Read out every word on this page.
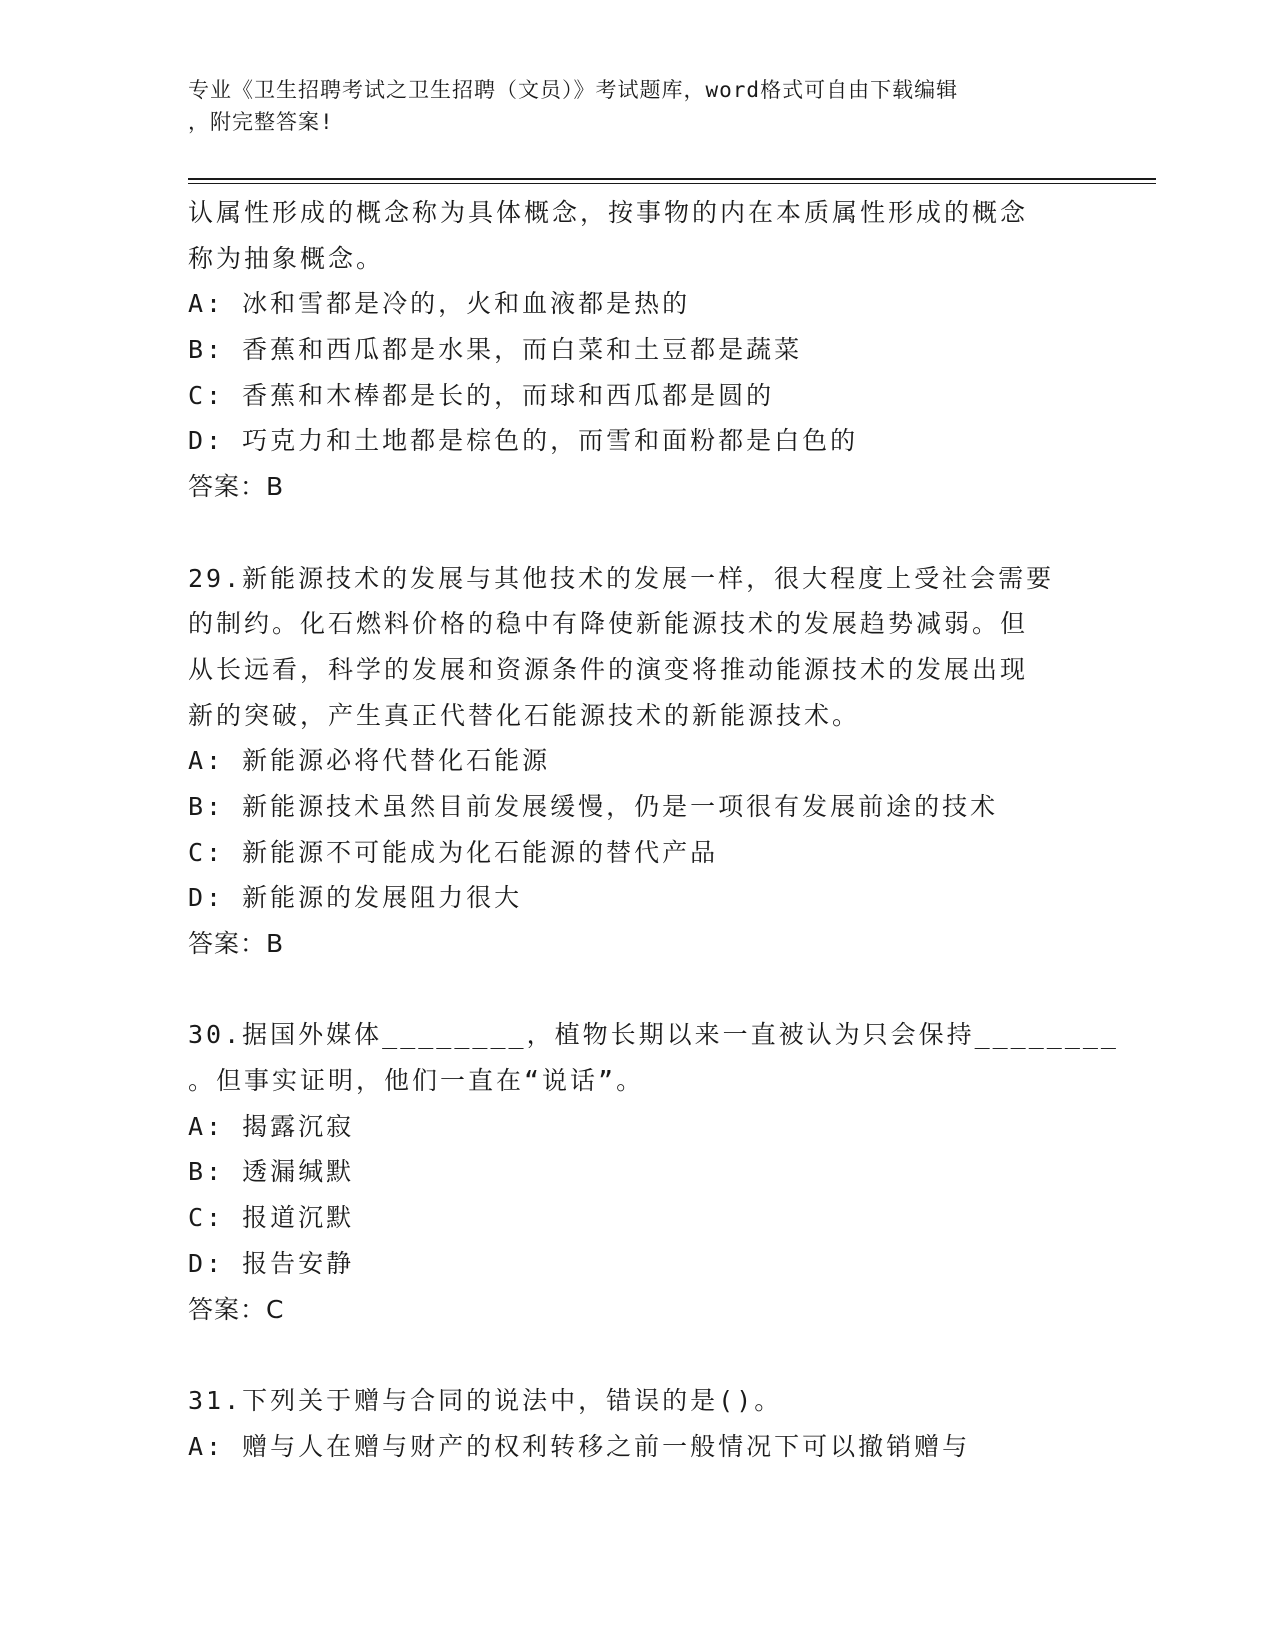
专业《卫生招聘考试之卫生招聘（文员）》考试题库，word格式可自由下载编辑
，附完整答案!
认属性形成的概念称为具体概念，按事物的内在本质属性形成的概念
称为抽象概念。
A: 冰和雪都是冷的，火和血液都是热的
B: 香蕉和西瓜都是水果，而白菜和土豆都是蔬菜
C: 香蕉和木棒都是长的，而球和西瓜都是圆的
D: 巧克力和土地都是棕色的，而雪和面粉都是白色的
答案：B
29.新能源技术的发展与其他技术的发展一样，很大程度上受社会需要
的制约。化石燃料价格的稳中有降使新能源技术的发展趋势减弱。但
从长远看，科学的发展和资源条件的演变将推动能源技术的发展出现
新的突破，产生真正代替化石能源技术的新能源技术。
A: 新能源必将代替化石能源
B: 新能源技术虽然目前发展缓慢，仍是一项很有发展前途的技术
C: 新能源不可能成为化石能源的替代产品
D: 新能源的发展阻力很大
答案：B
30.据国外媒体________，植物长期以来一直被认为只会保持________
。但事实证明，他们一直在“说话”。
A: 揭露沉寂
B: 透漏缄默
C: 报道沉默
D: 报告安静
答案：C
31.下列关于赠与合同的说法中，错误的是()。
A: 赠与人在赠与财产的权利转移之前一般情况下可以撤销赠与
